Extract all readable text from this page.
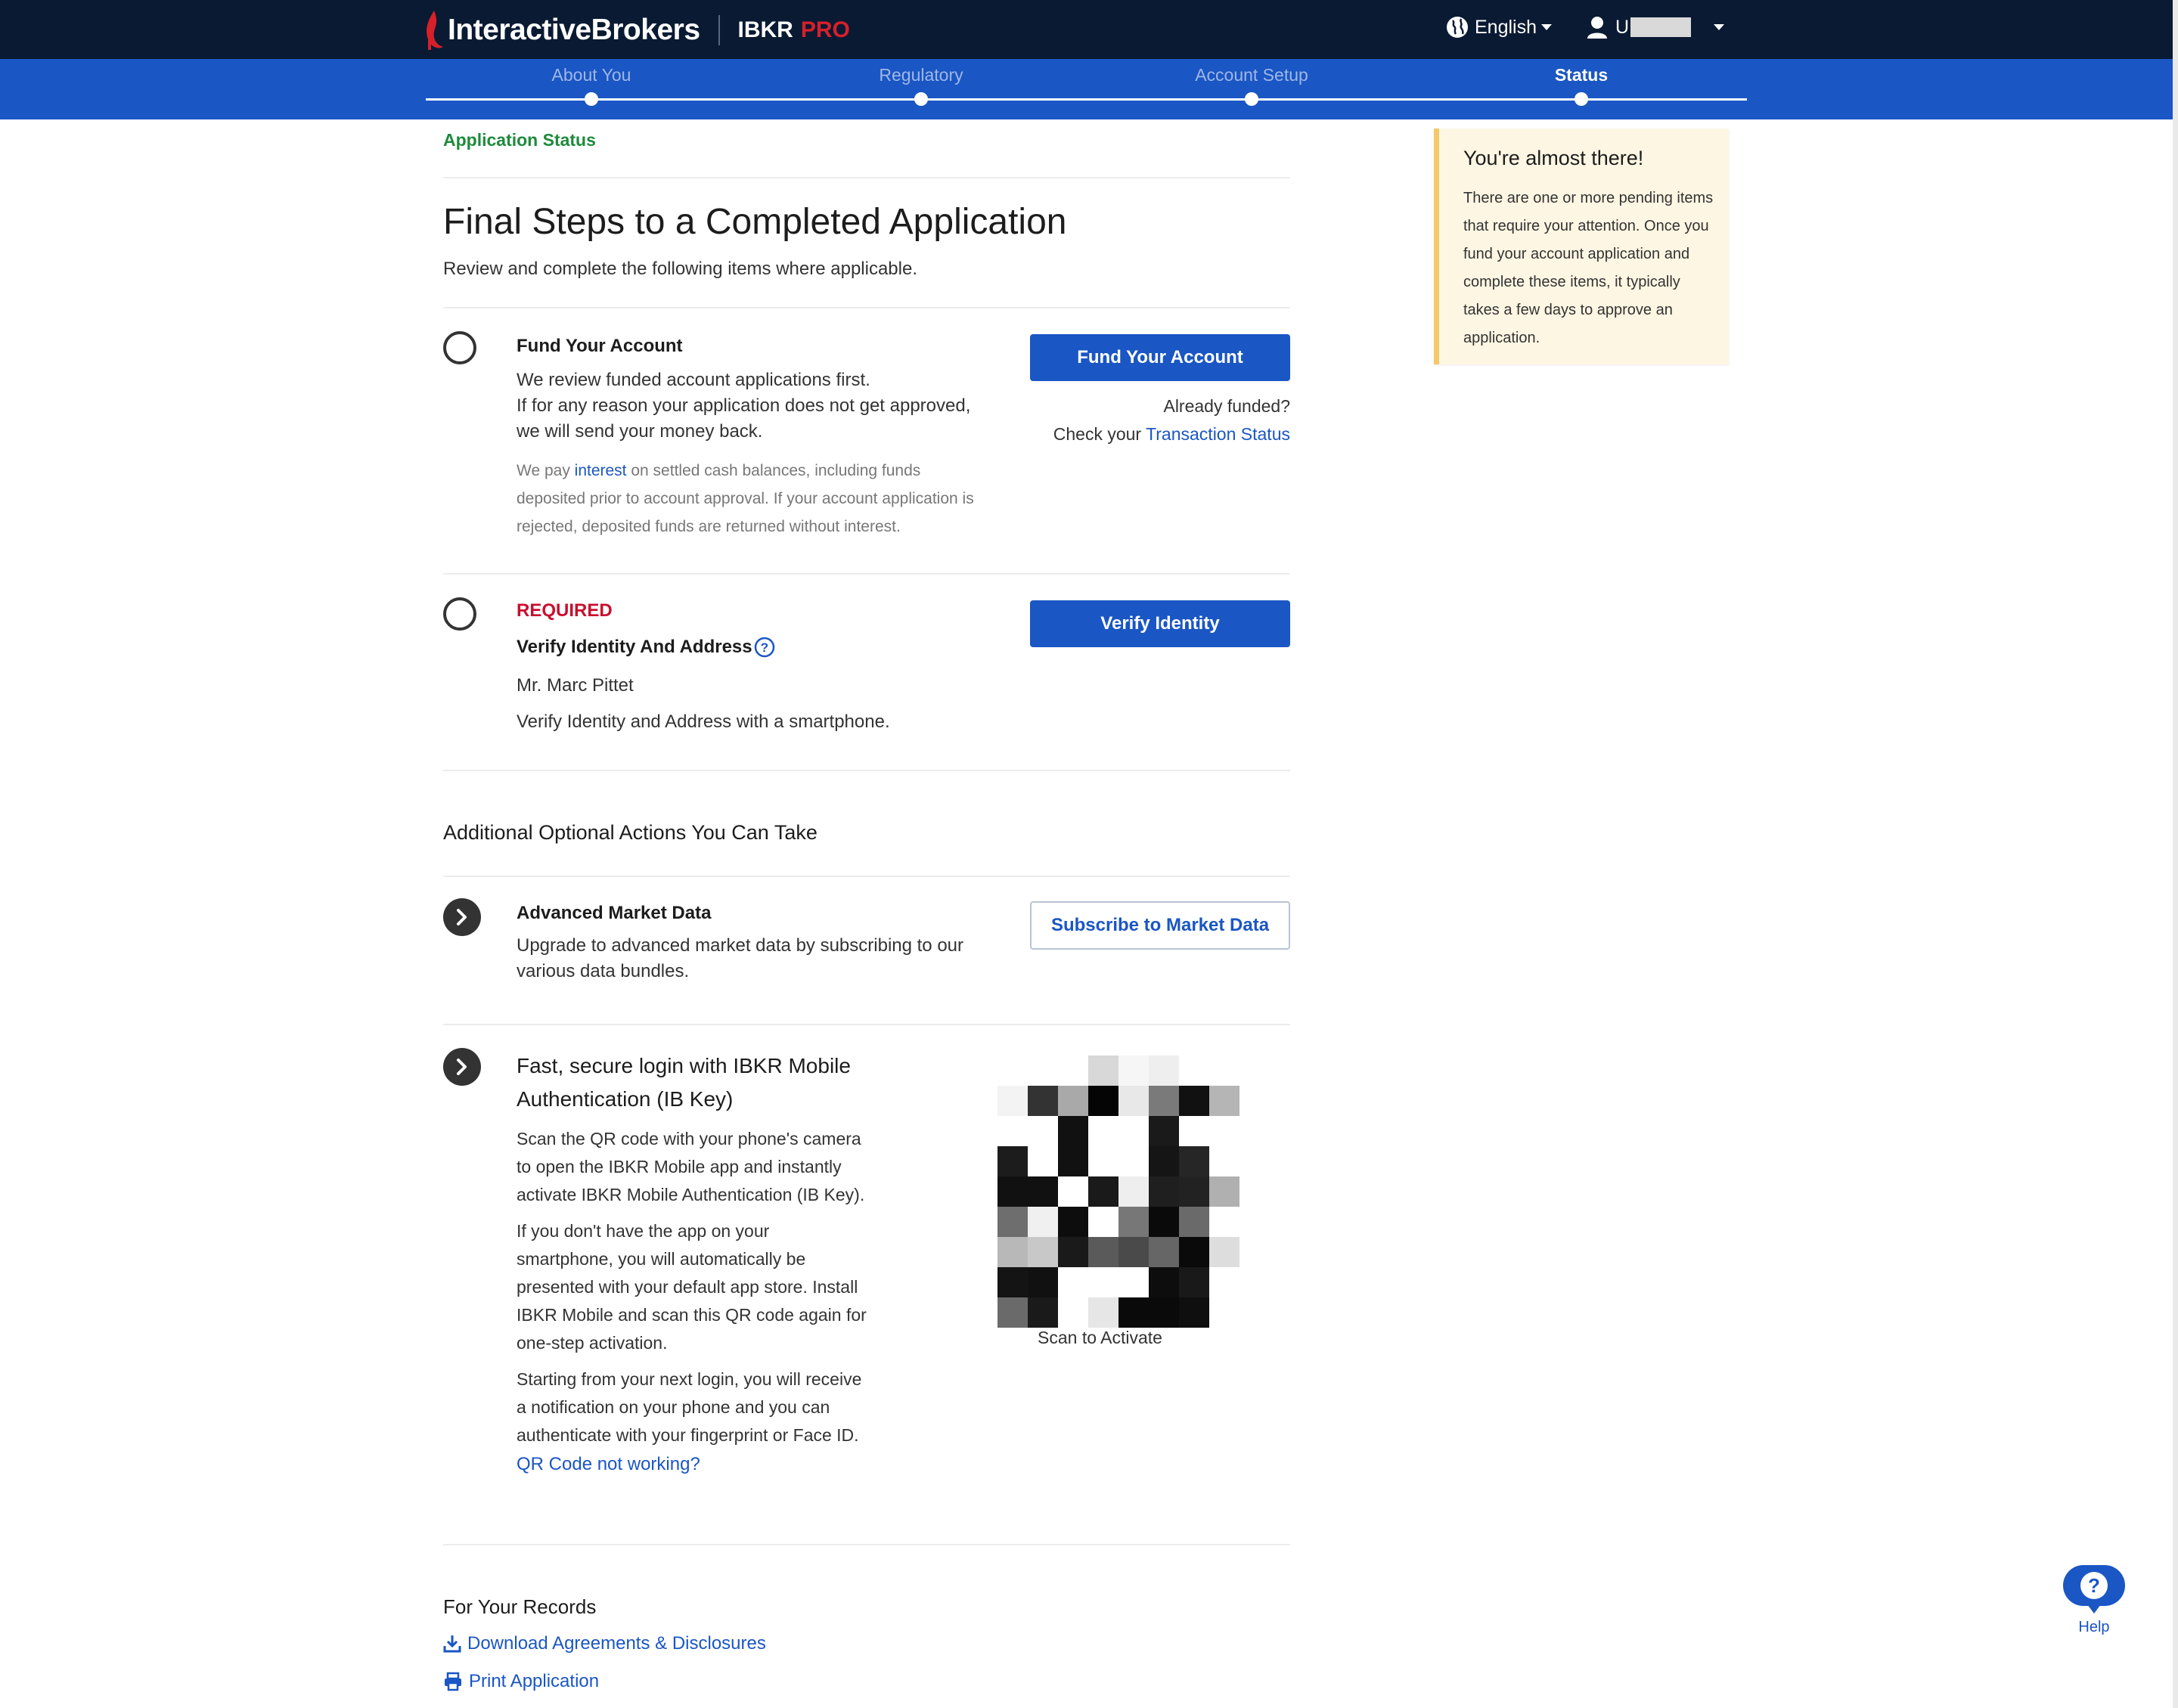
InteractiveBrokers IBKR PRO	English	U
About You	Regulatory	Account Setup	Status
Application Status
Final Steps to a Completed Application
Review and complete the following items where applicable.
Fund Your Account
We review funded account applications first.
If for any reason your application does not get approved,
we will send your money back.
We pay interest on settled cash balances, including funds
deposited prior to account approval. If your account application is
rejected, deposited funds are returned without interest.
Fund Your Account
Already funded?
Check your Transaction Status
REQUIRED
Verify Identity And Address ?
Mr. Marc Pittet
Verify Identity and Address with a smartphone.
Verify Identity
Additional Optional Actions You Can Take
Advanced Market Data
Upgrade to advanced market data by subscribing to our
various data bundles.
Subscribe to Market Data
Fast, secure login with IBKR Mobile
Authentication (IB Key)
Scan the QR code with your phone's camera
to open the IBKR Mobile app and instantly
activate IBKR Mobile Authentication (IB Key).
If you don't have the app on your
smartphone, you will automatically be
presented with your default app store. Install
IBKR Mobile and scan this QR code again for
one-step activation.
Starting from your next login, you will receive
a notification on your phone and you can
authenticate with your fingerprint or Face ID.
QR Code not working?
Scan to Activate
For Your Records
Download Agreements & Disclosures
Print Application
You're almost there!
There are one or more pending items that require your attention. Once you fund your account application and complete these items, it typically takes a few days to approve an application.
?
Help
